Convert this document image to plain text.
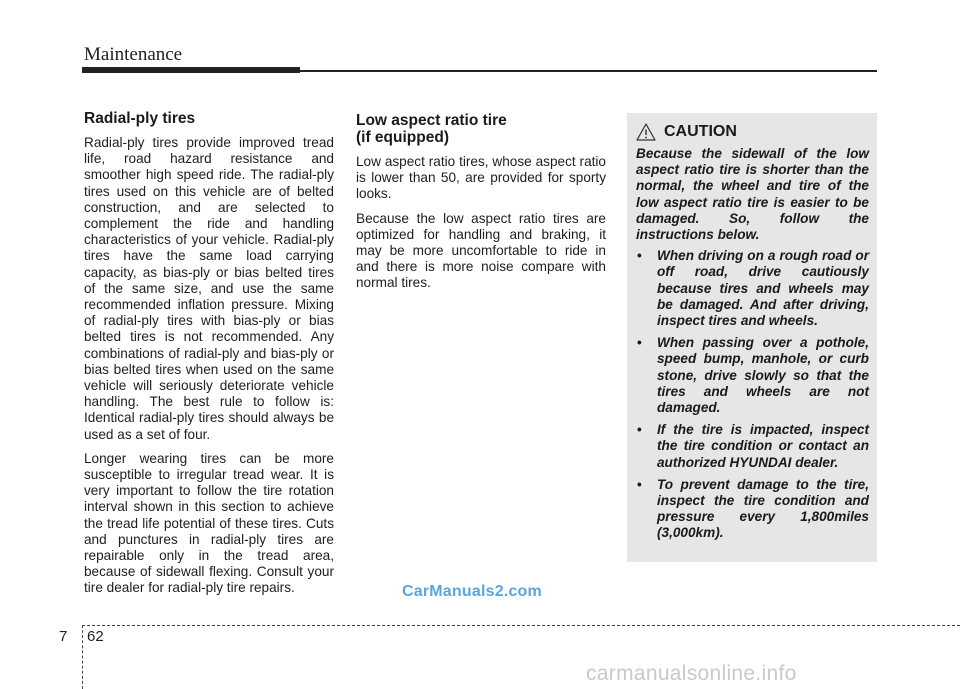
Maintenance
Radial-ply tires

Radial-ply tires provide improved tread life, road hazard resistance and smoother high speed ride. The radial-ply tires used on this vehicle are of belted construction, and are selected to complement the ride and handling characteristics of your vehicle. Radial-ply tires have the same load carrying capacity, as bias-ply or bias belted tires of the same size, and use the same recommended inflation pressure. Mixing of radial-ply tires with bias-ply or bias belted tires is not recommended. Any combinations of radial-ply and bias-ply or bias belted tires when used on the same vehicle will seriously deteriorate vehicle handling. The best rule to follow is: Identical radial-ply tires should always be used as a set of four.

Longer wearing tires can be more susceptible to irregular tread wear. It is very important to follow the tire rotation interval shown in this section to achieve the tread life potential of these tires. Cuts and punctures in radial-ply tires are repairable only in the tread area, because of sidewall flexing. Consult your tire dealer for radial-ply tire repairs.

Low aspect ratio tire
(if equipped)

Low aspect ratio tires, whose aspect ratio is lower than 50, are provided for sporty looks.

Because the low aspect ratio tires are optimized for handling and braking, it may be more uncomfortable to ride in and there is more noise compare with normal tires.

CAUTION

Because the sidewall of the low aspect ratio tire is shorter than the normal, the wheel and tire of the low aspect ratio tire is easier to be damaged. So, follow the instructions below.

• When driving on a rough road or off road, drive cautiously because tires and wheels may be damaged. And after driving, inspect tires and wheels.
• When passing over a pothole, speed bump, manhole, or curb stone, drive slowly so that the tires and wheels are not damaged.
• If the tire is impacted, inspect the tire condition or contact an authorized HYUNDAI dealer.
• To prevent damage to the tire, inspect the tire condition and pressure every 1,800miles (3,000km).
CarManuals2.com
7 62
carmanualsonline.info
